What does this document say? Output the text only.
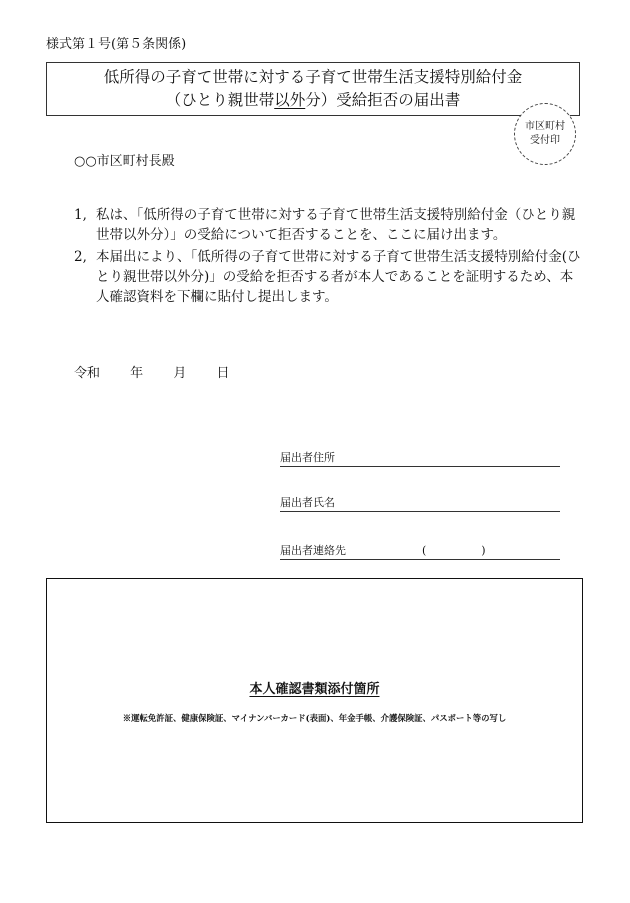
様式第１号(第５条関係)
低所得の子育て世帯に対する子育て世帯生活支援特別給付金
（ひとり親世帯以外分）受給拒否の届出書
市区町村
受付印
○○市区町村長殿
1, 私は、「低所得の子育て世帯に対する子育て世帯生活支援特別給付金（ひとり親世帯以外分）」の受給について拒否することを、ここに届け出ます。
2, 本届出により、「低所得の子育て世帯に対する子育て世帯生活支援特別給付金(ひとり親世帯以外分)」の受給を拒否する者が本人であることを証明するため、本人確認資料を下欄に貼付し提出します。
令和 年 月 日
届出者住所
届出者氏名
届出者連絡先	(　　　　　)
本人確認書類添付箇所
※運転免許証、健康保険証、マイナンバーカード(表面)、年金手帳、介護保険証、パスポート等の写し
